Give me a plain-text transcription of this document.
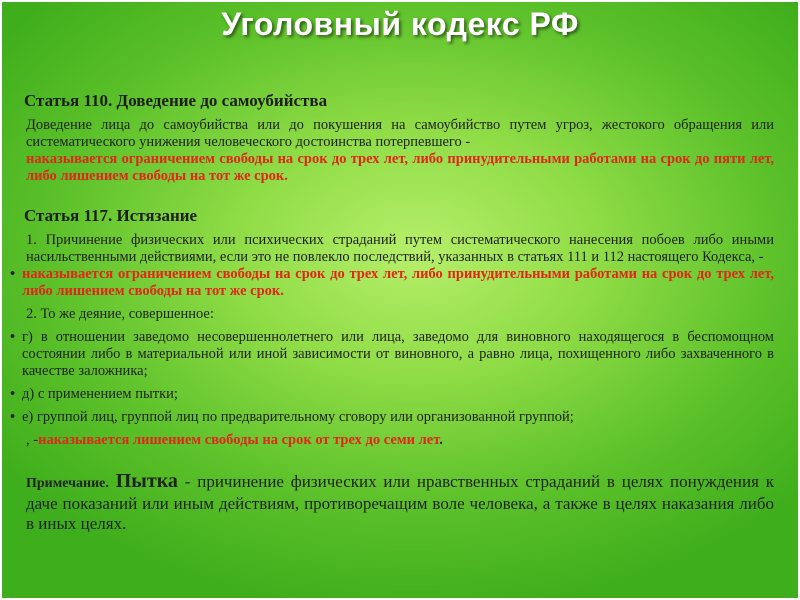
Уголовный кодекс РФ
Статья 110. Доведение до самоубийства
Доведение лица до самоубийства или до покушения на самоубийство путем угроз, жестокого обращения или систематического унижения человеческого достоинства потерпевшего -
наказывается ограничением свободы на срок до трех лет, либо принудительными работами на срок до пяти лет, либо лишением свободы на тот же срок.
Статья 117. Истязание
1. Причинение физических или психических страданий путем систематического нанесения побоев либо иными насильственными действиями, если это не повлекло последствий, указанных в статьях 111 и 112 настоящего Кодекса, -
• наказывается ограничением свободы на срок до трех лет, либо принудительными работами на срок до трех лет, либо лишением свободы на тот же срок.
2. То же деяние, совершенное:
• г) в отношении заведомо несовершеннолетнего или лица, заведомо для виновного находящегося в беспомощном состоянии либо в материальной или иной зависимости от виновного, а равно лица, похищенного либо захваченного в качестве заложника;
• д) с применением пытки;
• е) группой лиц, группой лиц по предварительному сговору или организованной группой;
, -наказывается лишением свободы на срок от трех до семи лет.
Примечание. Пытка - причинение физических или нравственных страданий в целях понуждения к даче показаний или иным действиям, противоречащим воле человека, а также в целях наказания либо в иных целях.
